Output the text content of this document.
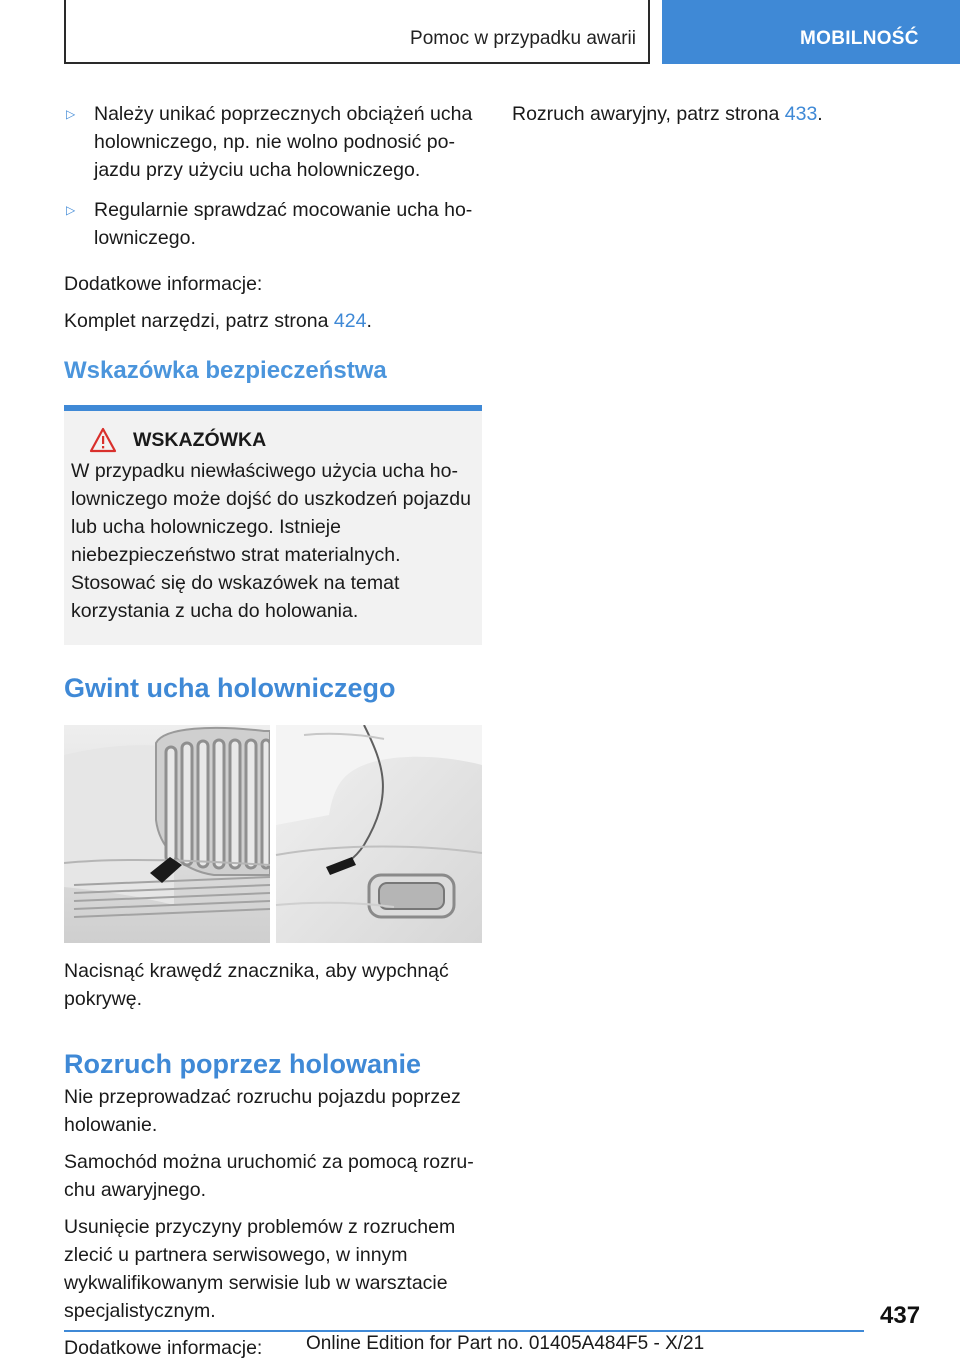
Pomoc w przypadku awarii	MOBILNOŚĆ
▷ Należy unikać poprzecznych obciążeń ucha holowniczego, np. nie wolno podnosić pojazdu przy użyciu ucha holowniczego.
▷ Regularnie sprawdzać mocowanie ucha holowniczego.

Dodatkowe informacje:

Komplet narzędzi, patrz strona 424.

Wskazówka bezpieczeństwa
WSKAZÓWKA

W przypadku niewłaściwego użycia ucha holowniczego może dojść do uszkodzeń pojazdu lub ucha holowniczego. Istnieje niebezpieczeństwo strat materialnych. Stosować się do wskazówek na temat korzystania z ucha do holowania.

Gwint ucha holowniczego

Nacisnąć krawędź znacznika, aby wypchnąć pokrywę.

Rozruch poprzez holowanie

Nie przeprowadzać rozruchu pojazdu poprzez holowanie.

Samochód można uruchomić za pomocą rozruchu awaryjnego.

Usunięcie przyczyny problemów z rozruchem zlecić u partnera serwisowego, w innym wykwalifikowanym serwisie lub w warsztacie specjalistycznym.

Dodatkowe informacje:

Rozruch awaryjny, patrz strona 433.

437
Online Edition for Part no. 01405A484F5 - X/21
